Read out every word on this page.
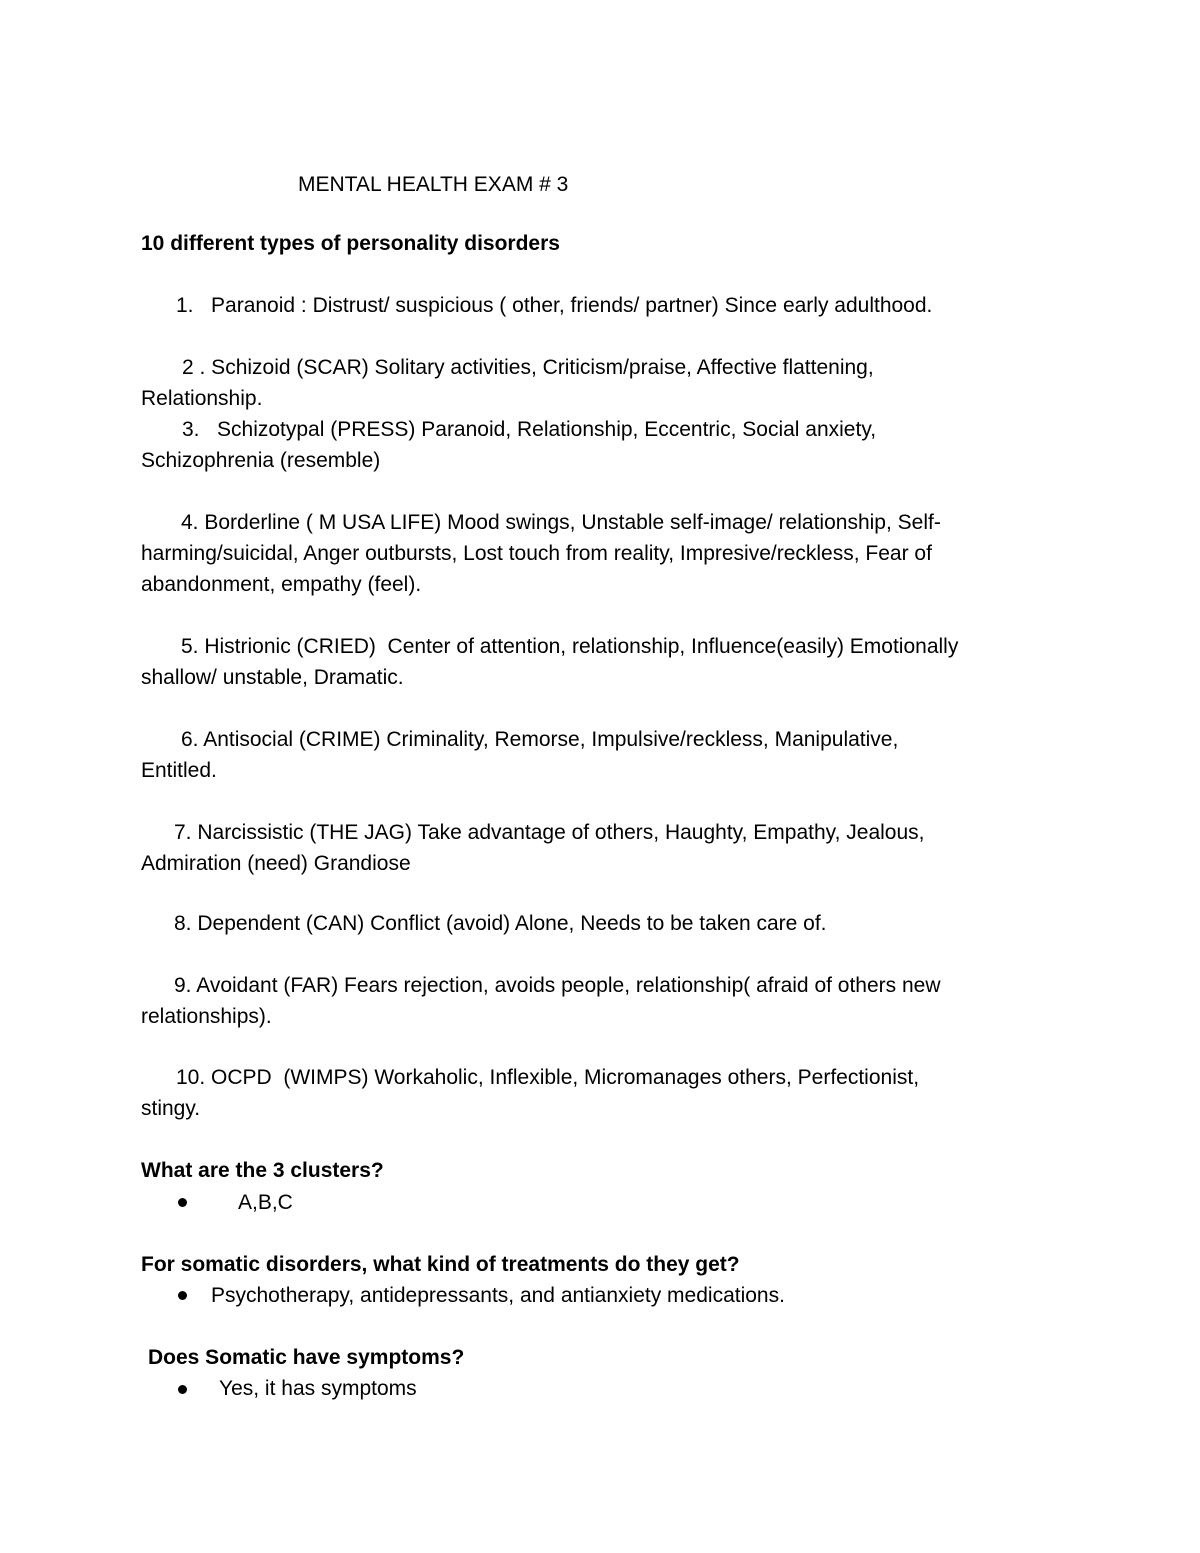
MENTAL HEALTH EXAM # 3
10 different types of personality disorders
1.   Paranoid : Distrust/ suspicious ( other, friends/ partner) Since early adulthood.
2 . Schizoid (SCAR) Solitary activities, Criticism/praise, Affective flattening,
Relationship.
3.   Schizotypal (PRESS) Paranoid, Relationship, Eccentric, Social anxiety,
Schizophrenia (resemble)
4. Borderline ( M USA LIFE) Mood swings, Unstable self-image/ relationship, Self-
harming/suicidal, Anger outbursts, Lost touch from reality, Impresive/reckless, Fear of
abandonment, empathy (feel).
5. Histrionic (CRIED)  Center of attention, relationship, Influence(easily) Emotionally
shallow/ unstable, Dramatic.
6. Antisocial (CRIME) Criminality, Remorse, Impulsive/reckless, Manipulative,
Entitled.
7. Narcissistic (THE JAG) Take advantage of others, Haughty, Empathy, Jealous,
Admiration (need) Grandiose
8. Dependent (CAN) Conflict (avoid) Alone, Needs to be taken care of.
9. Avoidant (FAR) Fears rejection, avoids people, relationship( afraid of others new
relationships).
10. OCPD  (WIMPS) Workaholic, Inflexible, Micromanages others, Perfectionist,
stingy.
What are the 3 clusters?
A,B,C
For somatic disorders, what kind of treatments do they get?
Psychotherapy, antidepressants, and antianxiety medications.
Does Somatic have symptoms?
Yes, it has symptoms
